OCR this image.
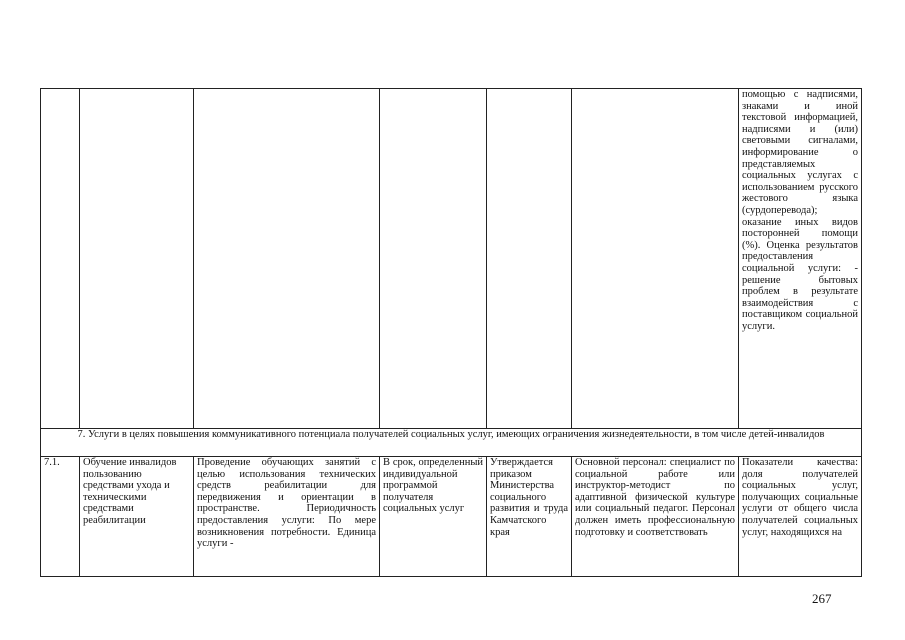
						помощью с надписями, знаками и иной текстовой информацией, надписями и (или) световыми сигналами, информирование о представляемых социальных услугах с использованием русского жестового языка (сурдоперевода); оказание иных видов посторонней помощи (%). Оценка результатов предоставления социальной услуги: - решение бытовых проблем в результате взаимодействия с поставщиком социальной услуги.
7. Услуги в целях повышения коммуникативного потенциала получателей социальных услуг, имеющих ограничения жизнедеятельности, в том числе детей-инвалидов						
7.1.	Обучение инвалидов пользованию средствами ухода и техническими средствами реабилитации	Проведение обучающих занятий с целью использования технических средств реабилитации для передвижения и ориентации в пространстве. Периодичность предоставления услуги: По мере возникновения потребности. Единица услуги -	В срок, определенный индивидуальной программой получателя социальных услуг	Утверждается приказом Министерства социального развития и труда Камчатского края	Основной персонал: специалист по социальной работе или инструктор-методист по адаптивной физической культуре или социальный педагог. Персонал должен иметь профессиональную подготовку и соответствовать	Показатели качества: доля получателей социальных услуг, получающих социальные услуги от общего числа получателей социальных услуг, находящихся на
267
